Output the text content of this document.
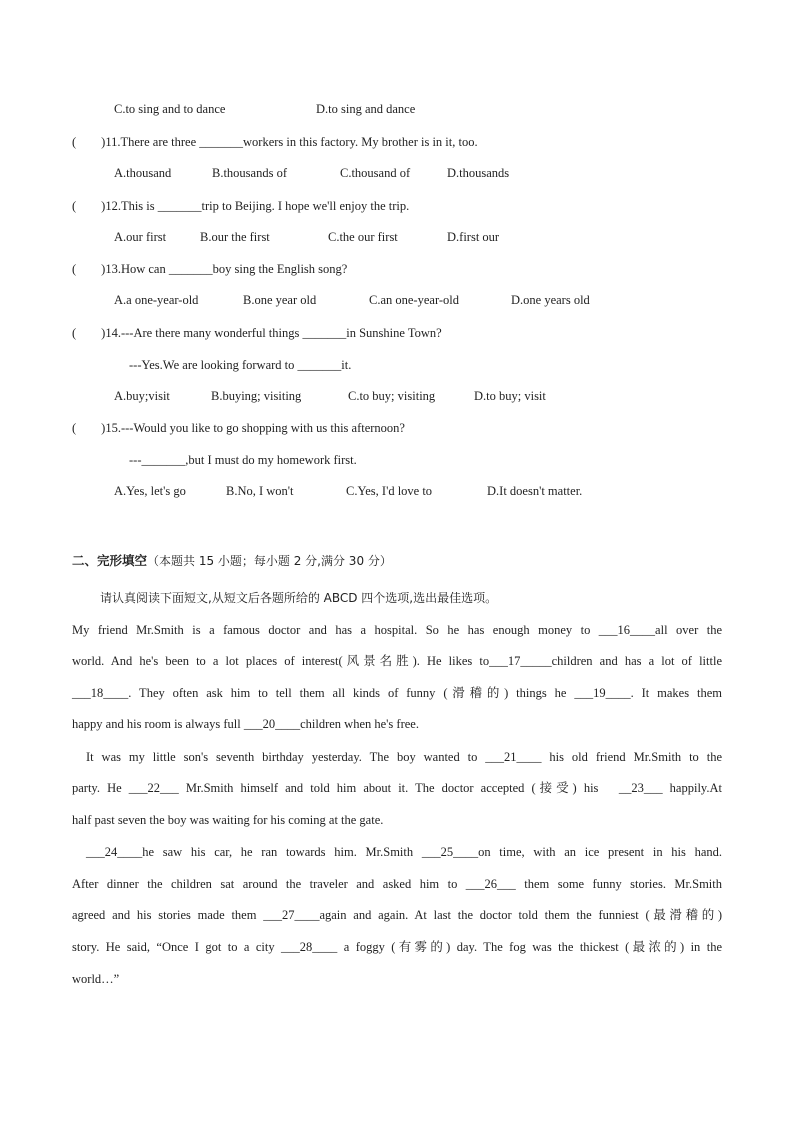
C.to sing and to dance	D.to sing and dance
(　　)11.There are three _______workers in this factory. My brother is in it, too.
A.thousand	B.thousands of	C.thousand of	D.thousands
(　　)12.This is _______trip to Beijing. I hope we'll enjoy the trip.
A.our first	B.our the first	C.the our first	D.first our
(　　)13.How can _______boy sing the English song?
A.a one-year-old	B.one year old	C.an one-year-old	D.one years old
(　　)14.---Are there many wonderful things _______in Sunshine Town?
---Yes.We are looking forward to _______it.
A.buy;visit	B.buying; visiting	C.to buy; visiting	D.to buy; visit
(　　)15.---Would you like to go shopping with us this afternoon?
---_______,but I must do my homework first.
A.Yes, let's go	B.No, I won't	C.Yes, I'd love to	D.It doesn't matter.
二、完形填空（本题共 15 小题；每小题 2 分,满分 30 分）
请认真阅读下面短文,从短文后各题所给的 ABCD 四个选项,选出最佳选项。
My friend Mr.Smith is a famous doctor and has a hospital. So he has enough money to ___16____all over the
world. And he's been to a lot places of interest(风景名胜). He likes to___17_____children and has a lot of little
___18____. They often ask him to tell them all kinds of funny (滑稽的) things he ___19____. It makes them
happy and his room is always full ___20____children when he's free.
It was my little son's seventh birthday yesterday. The boy wanted to ___21____ his old friend Mr.Smith to the
party. He ___22___ Mr.Smith himself and told him about it. The doctor accepted (接受) his　__23___ happily.At
half past seven the boy was waiting for his coming at the gate.
___24____he saw his car, he ran towards him. Mr.Smith ___25____on time, with an ice present in his hand.
After dinner the children sat around the traveler and asked him to ___26___ them some funny stories. Mr.Smith
agreed and his stories made them ___27____again and again. At last the doctor told them the funniest (最滑稽的)
story. He said, “Once I got to a city ___28____ a foggy (有雾的) day. The fog was the thickest (最浓的) in the
world…”
